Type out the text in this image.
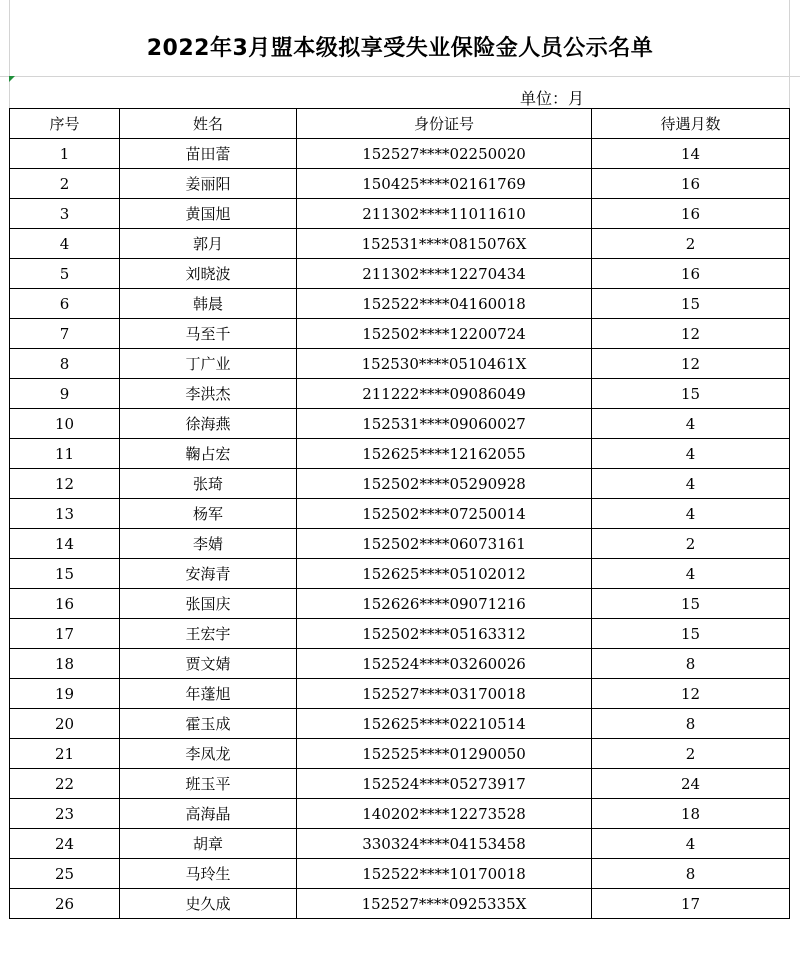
2022年3月盟本级拟享受失业保险金人员公示名单
单位：月
序号	姓名	身份证号	待遇月数
1	苗田蕾	152527****02250020	14
2	姜丽阳	150425****02161769	16
3	黄国旭	211302****11011610	16
4	郭月	152531****0815076X	2
5	刘晓波	211302****12270434	16
6	韩晨	152522****04160018	15
7	马至千	152502****12200724	12
8	丁广业	152530****0510461X	12
9	李洪杰	211222****09086049	15
10	徐海燕	152531****09060027	4
11	鞠占宏	152625****12162055	4
12	张琦	152502****05290928	4
13	杨军	152502****07250014	4
14	李婧	152502****06073161	2
15	安海青	152625****05102012	4
16	张国庆	152626****09071216	15
17	王宏宇	152502****05163312	15
18	贾文婧	152524****03260026	8
19	年蓬旭	152527****03170018	12
20	霍玉成	152625****02210514	8
21	李凤龙	152525****01290050	2
22	班玉平	152524****05273917	24
23	高海晶	140202****12273528	18
24	胡章	330324****04153458	4
25	马玲生	152522****10170018	8
26	史久成	152527****0925335X	17
